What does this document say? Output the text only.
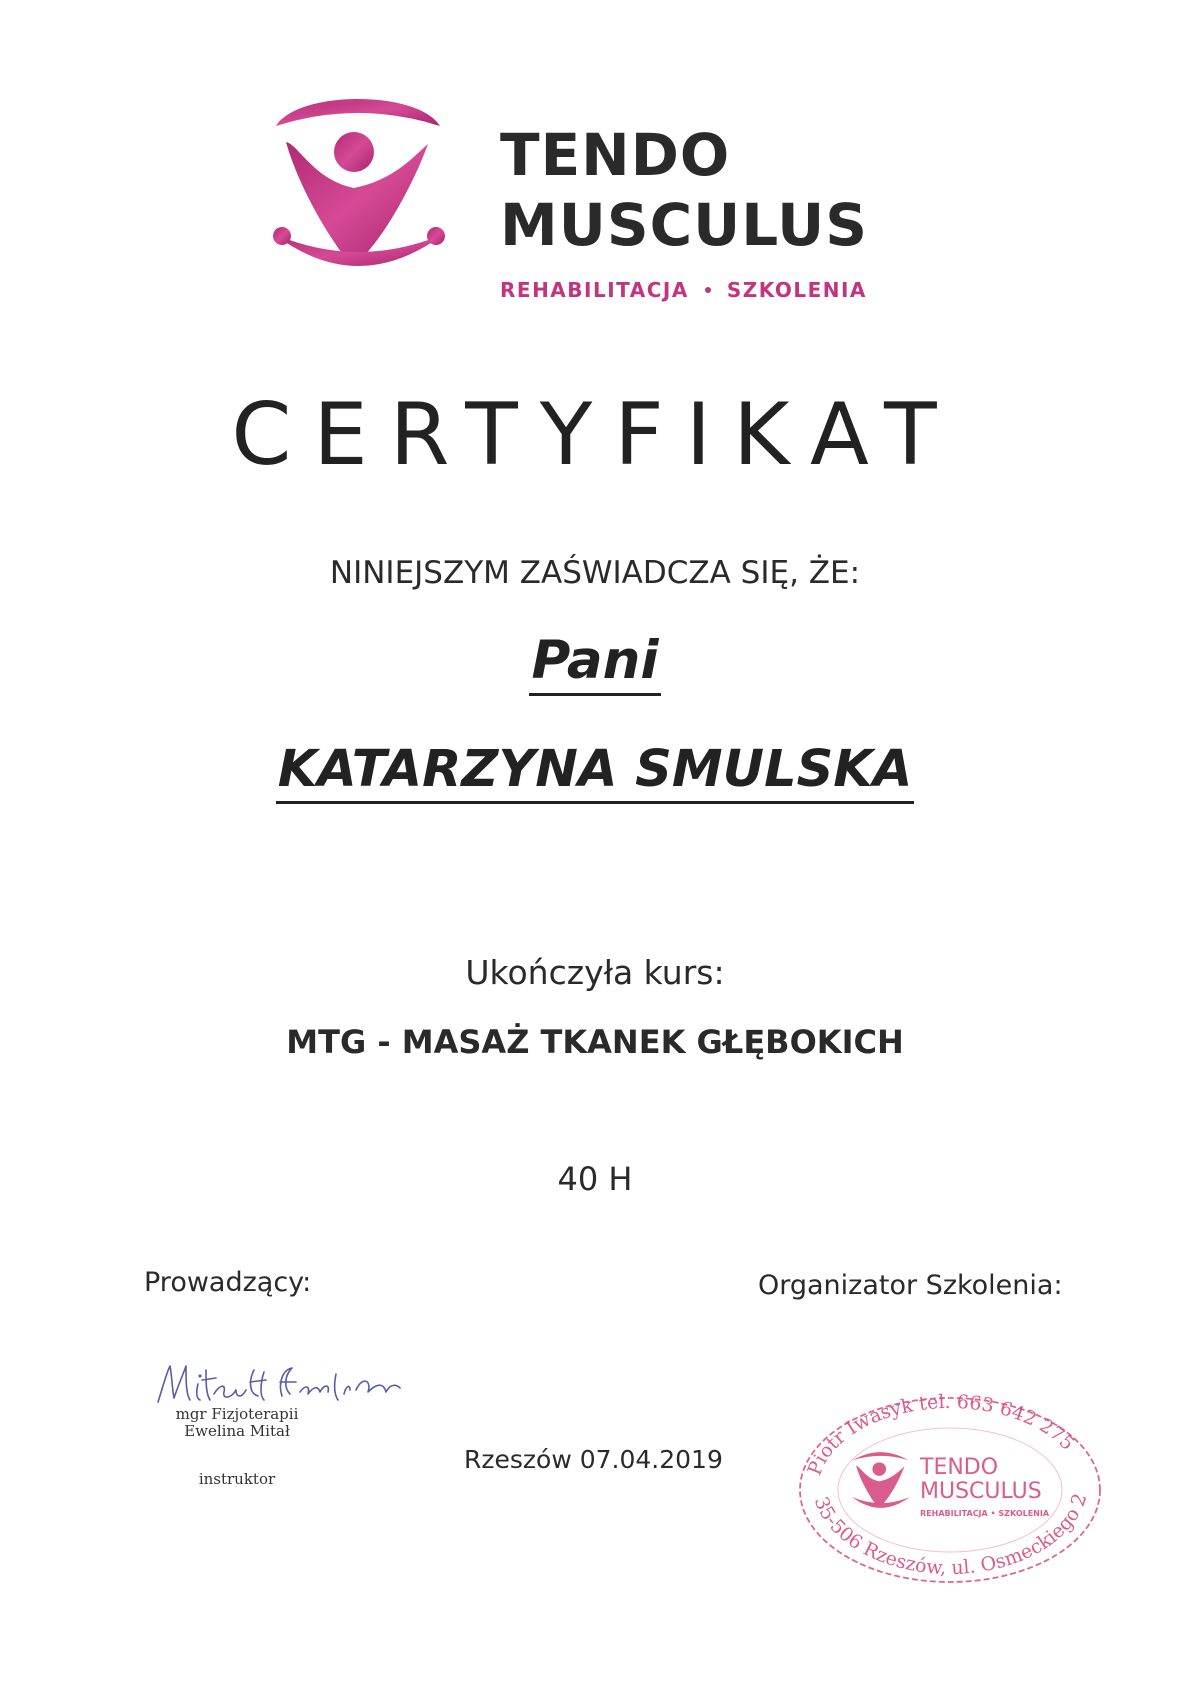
TENDO
MUSCULUS
REHABILITACJA SZKOLENIA
CERTYFIKAT
NINIEJSZYM ZAŚWIADCZA SIĘ, ŻE:
Pani
KATARZYNA SMULSKA
Ukończyła kurs:
MTG - MASAŻ TKANEK GŁĘBOKICH
40 H
Prowadzący:	Organizator Szkolenia:
mgr Fizjoterapii
Ewelina Mitał
instruktor
Rzeszów 07.04.2019	Piotr Iwasyk tel. 663 642 275
35-506 Rzeszów, ul. Osmeckiego 2
TENDO
MUSCULUS
REHABILITACJA • SZKOLENIA
